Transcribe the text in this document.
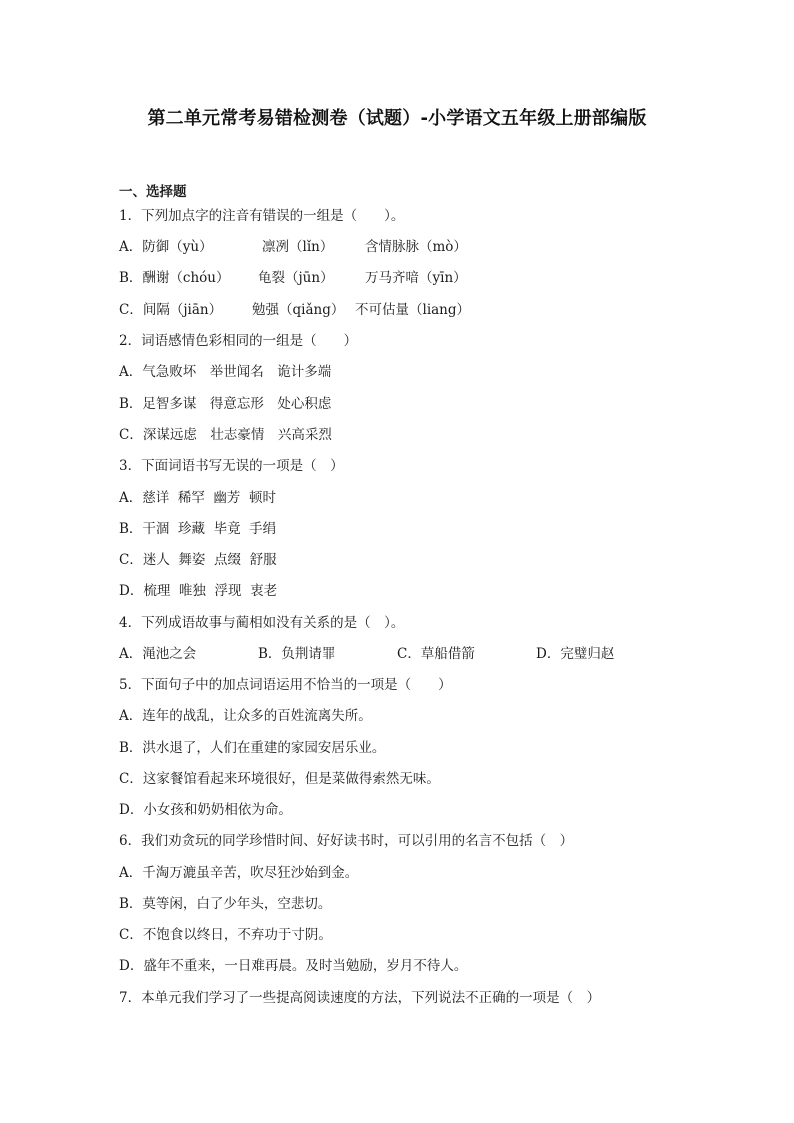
第二单元常考易错检测卷（试题）-小学语文五年级上册部编版
一、选择题
1．下列加点字的注音有错误的一组是（　　）。
A．防御（yù）	凛冽（lǐn） 含情脉脉（mò）
B．酬谢（chóu） 龟裂（jūn） 万马齐喑（yīn）
C．间隔（jiān） 勉强（qiǎng） 不可估量（liang）
2．词语感情色彩相同的一组是（　　）
A．气急败坏　举世闻名　诡计多端
B．足智多谋　得意忘形　处心积虑
C．深谋远虑　壮志豪情　兴高采烈
3．下面词语书写无误的一项是（　）
A．慈详  稀罕  幽芳  顿时
B．干涸  珍藏  毕竟  手绢
C．迷人  舞姿  点缀  舒服
D．梳理  唯独  浮现  衷老
4．下列成语故事与蔺相如没有关系的是（　）。
A．渑池之会	B．负荆请罪	C．草船借箭	D．完璧归赵
5．下面句子中的加点词语运用不恰当的一项是（　　）
A．连年的战乱，让众多的百姓流离失所。
B．洪水退了，人们在重建的家园安居乐业。
C．这家餐馆看起来环境很好，但是菜做得索然无味。
D．小女孩和奶奶相依为命。
6．我们劝贪玩的同学珍惜时间、好好读书时，可以引用的名言不包括（　）
A．千淘万漉虽辛苦，吹尽狂沙始到金。
B．莫等闲，白了少年头，空悲切。
C．不饱食以终日，不弃功于寸阴。
D．盛年不重来，一日难再晨。及时当勉励，岁月不待人。
7．本单元我们学习了一些提高阅读速度的方法，下列说法不正确的一项是（　）
